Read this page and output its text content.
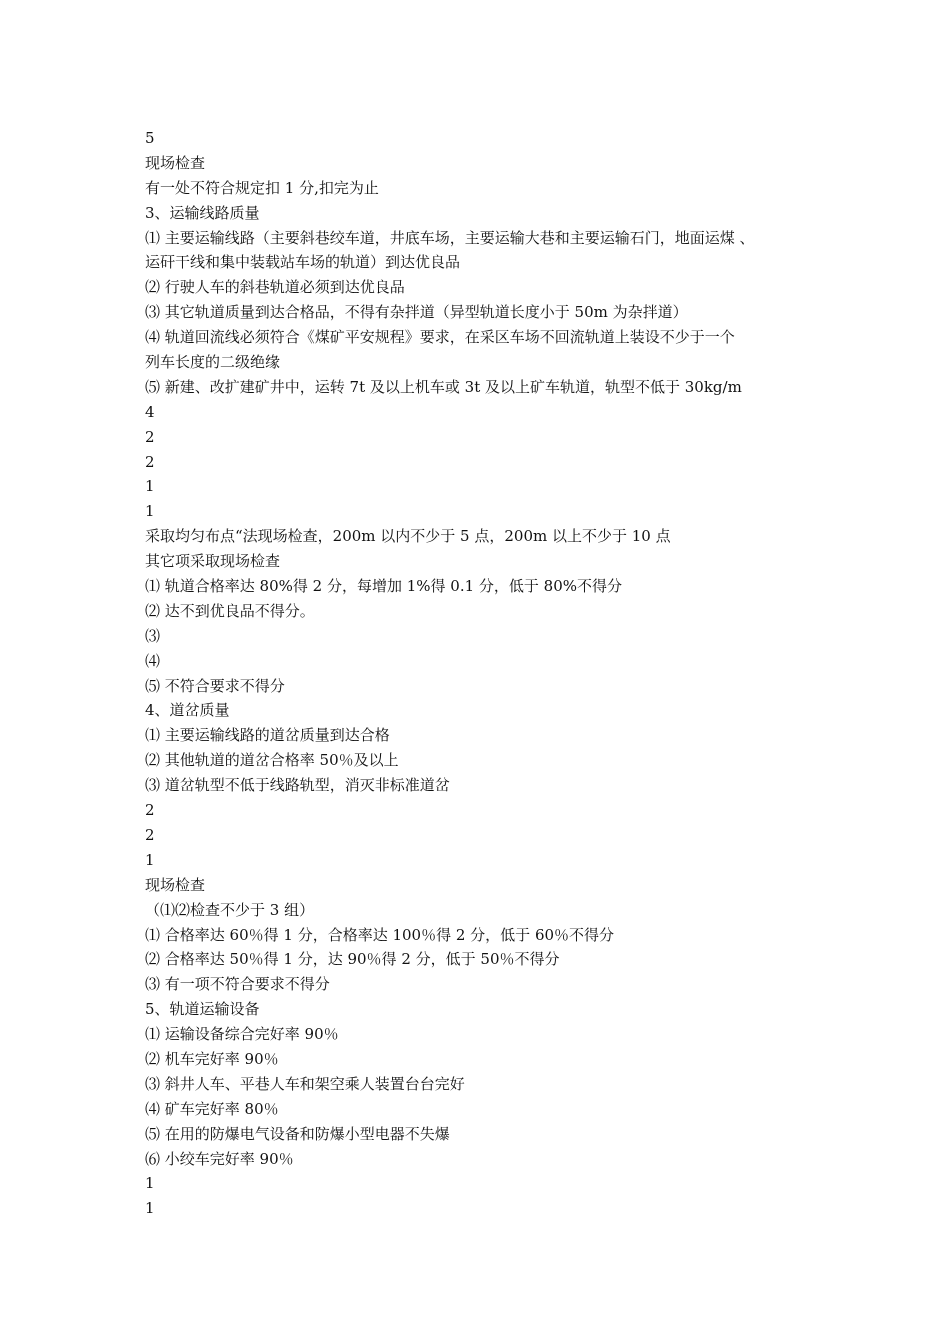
5
现场检查
有一处不符合规定扣 1 分,扣完为止
3、运输线路质量
⑴ 主要运输线路（主要斜巷绞车道，井底车场，主要运输大巷和主要运输石门，地面运煤 、
运矸干线和集中装载站车场的轨道）到达优良品
⑵ 行驶人车的斜巷轨道必须到达优良品
⑶ 其它轨道质量到达合格品，不得有杂拌道（异型轨道长度小于 50m 为杂拌道）
⑷ 轨道回流线必须符合《煤矿平安规程》要求，在采区车场不回流轨道上装设不少于一个
列车长度的二级绝缘
⑸ 新建、改扩建矿井中，运转 7t 及以上机车或 3t 及以上矿车轨道，轨型不低于 30kg/m
4
2
2
1
1
采取均匀布点“法现场检查，200m 以内不少于 5 点，200m 以上不少于 10 点
其它项采取现场检查
⑴ 轨道合格率达 80%得 2 分，每增加 1%得 0.1 分，低于 80%不得分
⑵ 达不到优良品不得分。
⑶
⑷
⑸ 不符合要求不得分
4、道岔质量
⑴ 主要运输线路的道岔质量到达合格
⑵ 其他轨道的道岔合格率 50％及以上
⑶ 道岔轨型不低于线路轨型，消灭非标准道岔
2
2
1
现场检查
（⑴⑵检查不少于 3 组）
⑴ 合格率达 60％得 1 分，合格率达 100％得 2 分，低于 60％不得分
⑵ 合格率达 50％得 1 分，达 90％得 2 分，低于 50％不得分
⑶ 有一项不符合要求不得分
5、轨道运输设备
⑴ 运输设备综合完好率 90％
⑵ 机车完好率 90％
⑶ 斜井人车、平巷人车和架空乘人装置台台完好
⑷ 矿车完好率 80％
⑸ 在用的防爆电气设备和防爆小型电器不失爆
⑹ 小绞车完好率 90％
1
1
